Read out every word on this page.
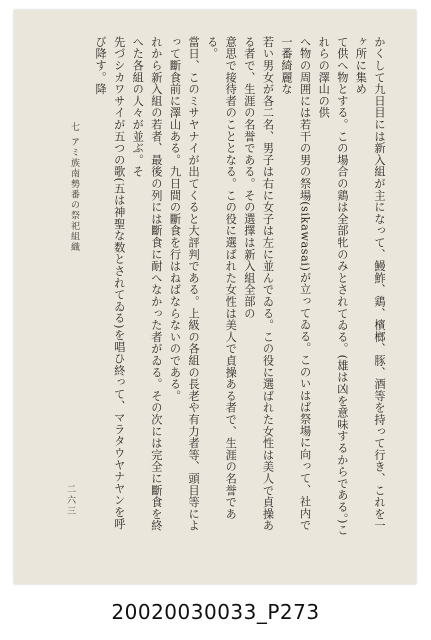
かくして九日目には新入組が主になって、鰻鮓、鶏、檳榔、豚、酒等を持って行き、これを一ヶ所に集め

て供へ物とする。この場合の鶏は全部牝のみとされてゐる。(雄は凶を意味するからである。)これらの澤山の供

へ物の周囲には若干の男の祭場(sikawasai)が立ってゐる。このいはば祭場に向って、社内で一番綺麗な

若い男女が各二名、男子は右に女子は左に並んでゐる。この役に選ばれた女性は美人で貞操ある者で、生涯の名誉である。その選擇は新入組全部の

意思で接待者のこととなる。この役に選ばれた女性は美人で貞操ある者で、生涯の名誉である。

當日、このミサヤナイが出てくると大評判である。上級の各組の長老や有力者等、頭目等によって斷食前に澤山ある。九日間の斷食を行はねばならないのである。

れから新入組の若者、最後の列には斷食に耐へなかった者がゐる。その次には完全に斷食を終へた各組の人々が並ぶ。そ

先づシカワサイが五つの歌(五は神聖な数とされてゐる)を唱ひ終って、マラタウヤナヤンを呼び降す。降

七 アミ族南勢番の祭祀組織
二六三
20020030033_P273
